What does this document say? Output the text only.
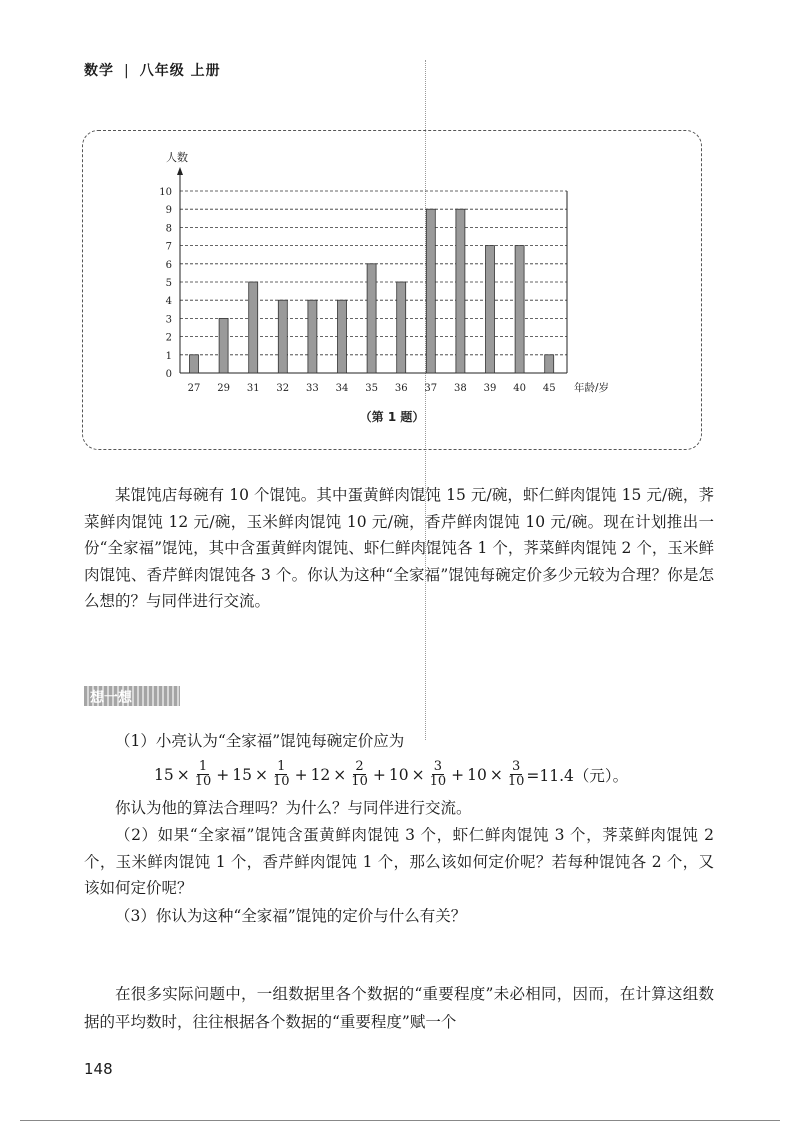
数学 | 八年级 上册
0
1
2
3
4
5
6
7
8
9
10
人数
27 29 31 32 33 34 35 36 37 38 39 40 45 年龄/岁
（第 1 题）

某馄饨店每碗有 10 个馄饨。其中蛋黄鲜肉馄饨 15 元/碗，虾仁鲜肉馄饨 15 元/碗，荠菜鲜肉馄饨 12 元/碗，玉米鲜肉馄饨 10 元/碗，香芹鲜肉馄饨 10 元/碗。现在计划推出一份“全家福”馄饨，其中含蛋黄鲜肉馄饨、虾仁鲜肉馄饨各 1 个，荠菜鲜肉馄饨 2 个，玉米鲜肉馄饨、香芹鲜肉馄饨各 3 个。你认为这种“全家福”馄饨每碗定价多少元较为合理？你是怎么想的？与同伴进行交流。

想一想

（1）小亮认为“全家福”馄饨每碗定价应为

$15 \times \frac{1}{10} + 15 \times \frac{1}{10} + 12 \times \frac{2}{10} + 10 \times \frac{3}{10} + 10 \times \frac{3}{10} =11.4$（元）。

你认为他的算法合理吗？为什么？与同伴进行交流。

（2）如果“全家福”馄饨含蛋黄鲜肉馄饨 3 个，虾仁鲜肉馄饨 3 个，荠菜鲜肉馄饨 2 个，玉米鲜肉馄饨 1 个，香芹鲜肉馄饨 1 个，那么该如何定价呢？若每种馄饨各 2 个，又该如何定价呢？

（3）你认为这种“全家福”馄饨的定价与什么有关？

在很多实际问题中，一组数据里各个数据的“重要程度”未必相同，因而，在计算这组数据的平均数时，往往根据各个数据的“重要程度”赋一个

148
